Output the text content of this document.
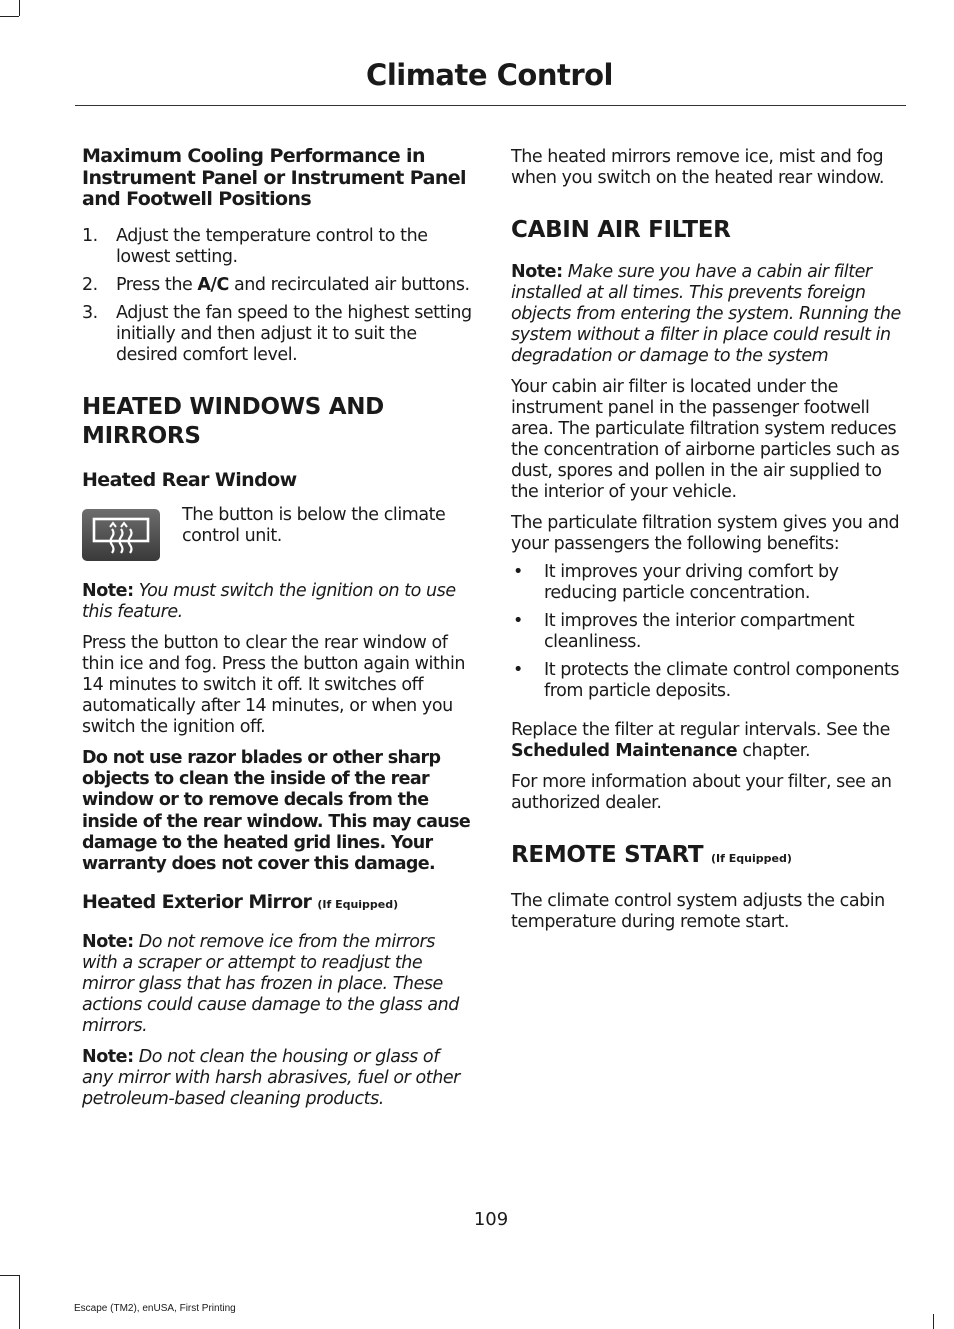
Climate Control
Maximum Cooling Performance in Instrument Panel or Instrument Panel and Footwell Positions
1. Adjust the temperature control to the lowest setting.
2. Press the A/C and recirculated air buttons.
3. Adjust the fan speed to the highest setting initially and then adjust it to suit the desired comfort level.
HEATED WINDOWS AND MIRRORS
Heated Rear Window

The button is below the climate control unit.

Note: You must switch the ignition on to use this feature.

Press the button to clear the rear window of thin ice and fog. Press the button again within 14 minutes to switch it off. It switches off automatically after 14 minutes, or when you switch the ignition off.

Do not use razor blades or other sharp objects to clean the inside of the rear window or to remove decals from the inside of the rear window. This may cause damage to the heated grid lines. Your warranty does not cover this damage.

Heated Exterior Mirror (If Equipped)

Note: Do not remove ice from the mirrors with a scraper or attempt to readjust the mirror glass that has frozen in place. These actions could cause damage to the glass and mirrors.

Note: Do not clean the housing or glass of any mirror with harsh abrasives, fuel or other petroleum-based cleaning products.

The heated mirrors remove ice, mist and fog when you switch on the heated rear window.

CABIN AIR FILTER

Note: Make sure you have a cabin air filter installed at all times. This prevents foreign objects from entering the system. Running the system without a filter in place could result in degradation or damage to the system

Your cabin air filter is located under the instrument panel in the passenger footwell area. The particulate filtration system reduces the concentration of airborne particles such as dust, spores and pollen in the air supplied to the interior of your vehicle.

The particulate filtration system gives you and your passengers the following benefits:

• It improves your driving comfort by reducing particle concentration.
• It improves the interior compartment cleanliness.
• It protects the climate control components from particle deposits.

Replace the filter at regular intervals. See the Scheduled Maintenance chapter.

For more information about your filter, see an authorized dealer.

REMOTE START (If Equipped)

The climate control system adjusts the cabin temperature during remote start.

109
Escape (TM2), enUSA, First Printing
